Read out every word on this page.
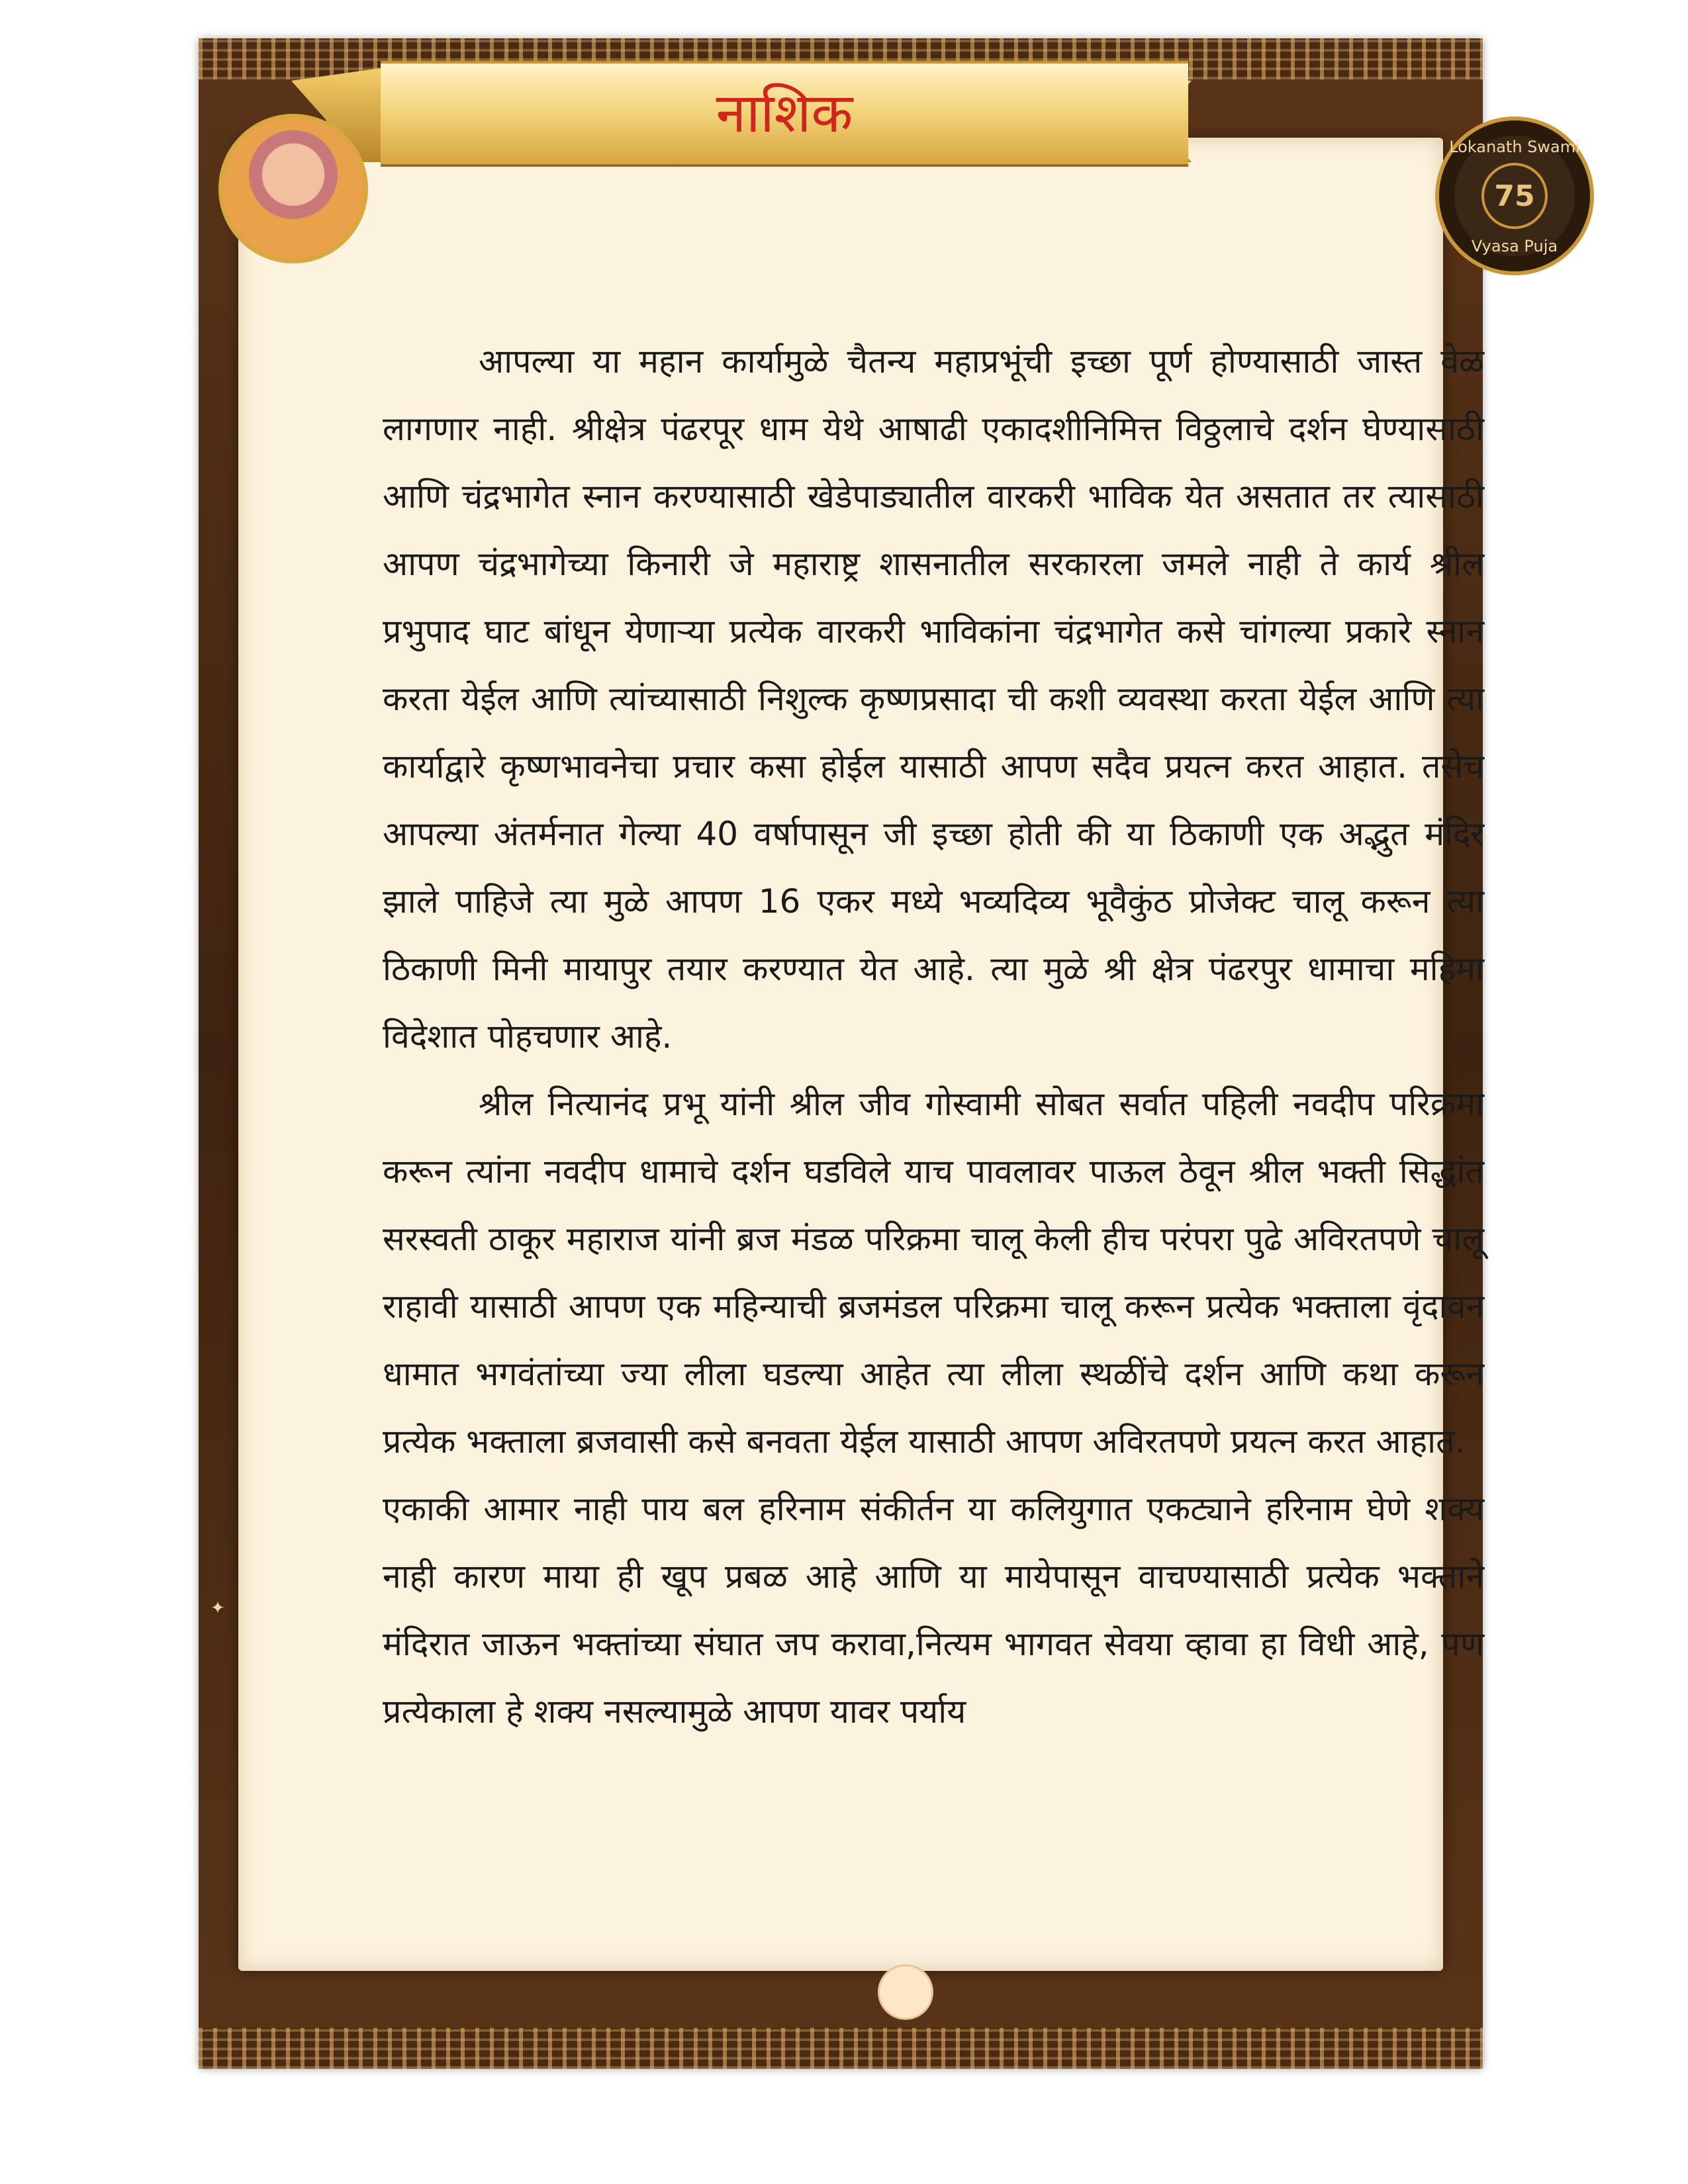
नाशिक
Lokanath Swami
75
Vyasa Puja

आपल्या या महान कार्यामुळे चैतन्य महाप्रभूंची इच्छा पूर्ण होण्यासाठी जास्त वेळ लागणार नाही. श्रीक्षेत्र पंढरपूर धाम येथे आषाढी एकादशीनिमित्त विठ्ठलाचे दर्शन घेण्यासाठी आणि चंद्रभागेत स्नान करण्यासाठी खेडेपाड्यातील वारकरी भाविक येत असतात तर त्यासाठी आपण चंद्रभागेच्या किनारी जे महाराष्ट्र शासनातील सरकारला जमले नाही ते कार्य श्रील प्रभुपाद घाट बांधून येणाऱ्या प्रत्येक वारकरी भाविकांना चंद्रभागेत कसे चांगल्या प्रकारे स्नान करता येईल आणि त्यांच्यासाठी निशुल्क कृष्णप्रसादा ची कशी व्यवस्था करता येईल आणि त्या कार्याद्वारे कृष्णभावनेचा प्रचार कसा होईल यासाठी आपण सदैव प्रयत्न करत आहात. तसेच आपल्या अंतर्मनात गेल्या 40 वर्षापासून जी इच्छा होती की या ठिकाणी एक अद्भुत मंदिर झाले पाहिजे त्या मुळे आपण 16 एकर मध्ये भव्यदिव्य भूवैकुंठ प्रोजेक्ट चालू करून त्या ठिकाणी मिनी मायापुर तयार करण्यात येत आहे. त्या मुळे श्री क्षेत्र पंढरपुर धामाचा महिमा विदेशात पोहचणार आहे.

श्रील नित्यानंद प्रभू यांनी श्रील जीव गोस्वामी सोबत सर्वात पहिली नवदीप परिक्रमा करून त्यांना नवदीप धामाचे दर्शन घडविले याच पावलावर पाऊल ठेवून श्रील भक्ती सिद्धांत सरस्वती ठाकूर महाराज यांनी ब्रज मंडळ परिक्रमा चालू केली हीच परंपरा पुढे अविरतपणे चालू राहावी यासाठी आपण एक महिन्याची ब्रजमंडल परिक्रमा चालू करून प्रत्येक भक्ताला वृंदावन धामात भगवंतांच्या ज्या लीला घडल्या आहेत त्या लीला स्थळींचे दर्शन आणि कथा करून प्रत्येक भक्ताला ब्रजवासी कसे बनवता येईल यासाठी आपण अविरतपणे प्रयत्न करत आहात.

एकाकी आमार नाही पाय बल हरिनाम संकीर्तन या कलियुगात एकट्याने हरिनाम घेणे शक्य नाही कारण माया ही खूप प्रबळ आहे आणि या मायेपासून वाचण्यासाठी प्रत्येक भक्ताने मंदिरात जाऊन भक्तांच्या संघात जप करावा,नित्यम भागवत सेवया व्हावा हा विधी आहे, पण प्रत्येकाला हे शक्य नसल्यामुळे आपण यावर पर्याय

✦
